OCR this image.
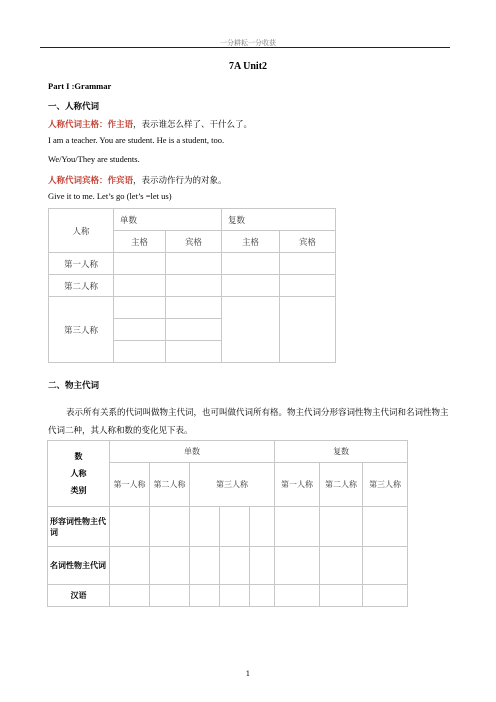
一分耕耘一分收获
7A Unit2
Part I :Grammar
一、人称代词
人称代词主格：作主语，表示谁怎么样了、干什么了。
I am a teacher. You are student. He is a student, too.
We/You/They are students.
人称代词宾格：作宾语，表示动作行为的对象。
Give it to me. Let’s go (let’s =let us)
人称	单数		复数	
	主格	宾格	主格	宾格
第一人称				
第二人称				
第三人称				

二、物主代词
表示所有关系的代词叫做物主代词，也可叫做代词所有格。物主代词分形容词性物主代词和名词性物主代词二种，其人称和数的变化见下表。
数
人称
类别	单数					复数		
	第一人称	第二人称	第三人称			第一人称	第二人称	第三人称
形容词性物主代词								
名词性物主代词								
汉语								
1
